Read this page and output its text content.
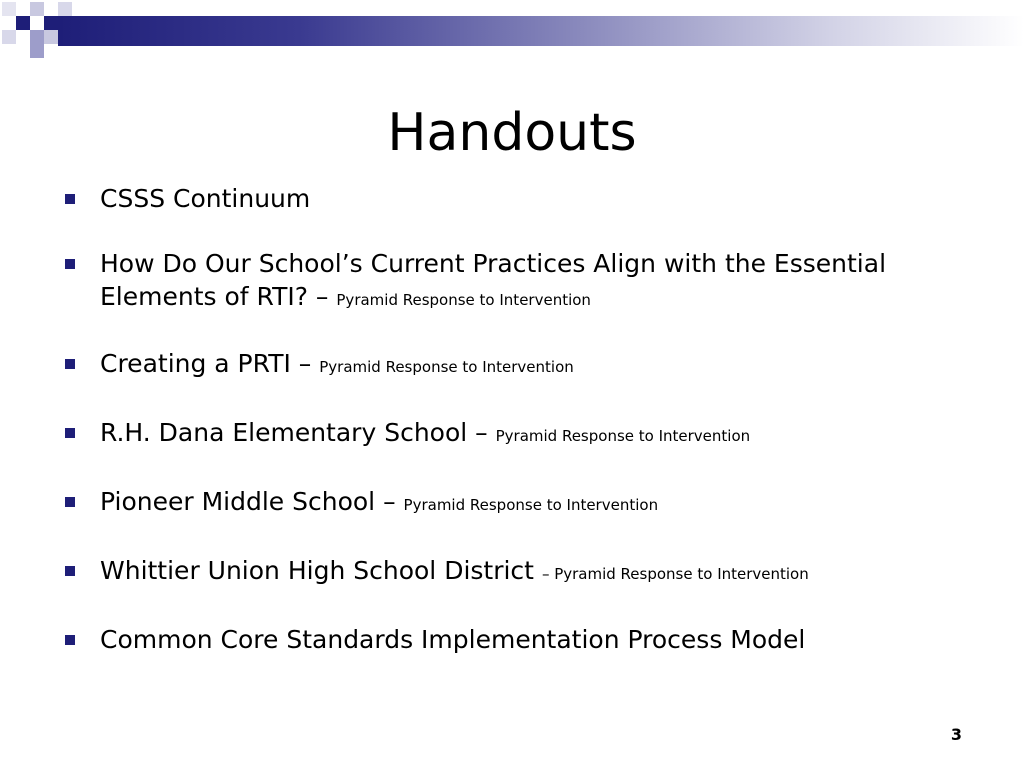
Handouts
CSSS Continuum
How Do Our School’s Current Practices Align with the Essential Elements of RTI? – Pyramid Response to Intervention
Creating a PRTI – Pyramid Response to Intervention
R.H. Dana Elementary School – Pyramid Response to Intervention
Pioneer Middle School – Pyramid Response to Intervention
Whittier Union High School District – Pyramid Response to Intervention
Common Core Standards Implementation Process Model
3
